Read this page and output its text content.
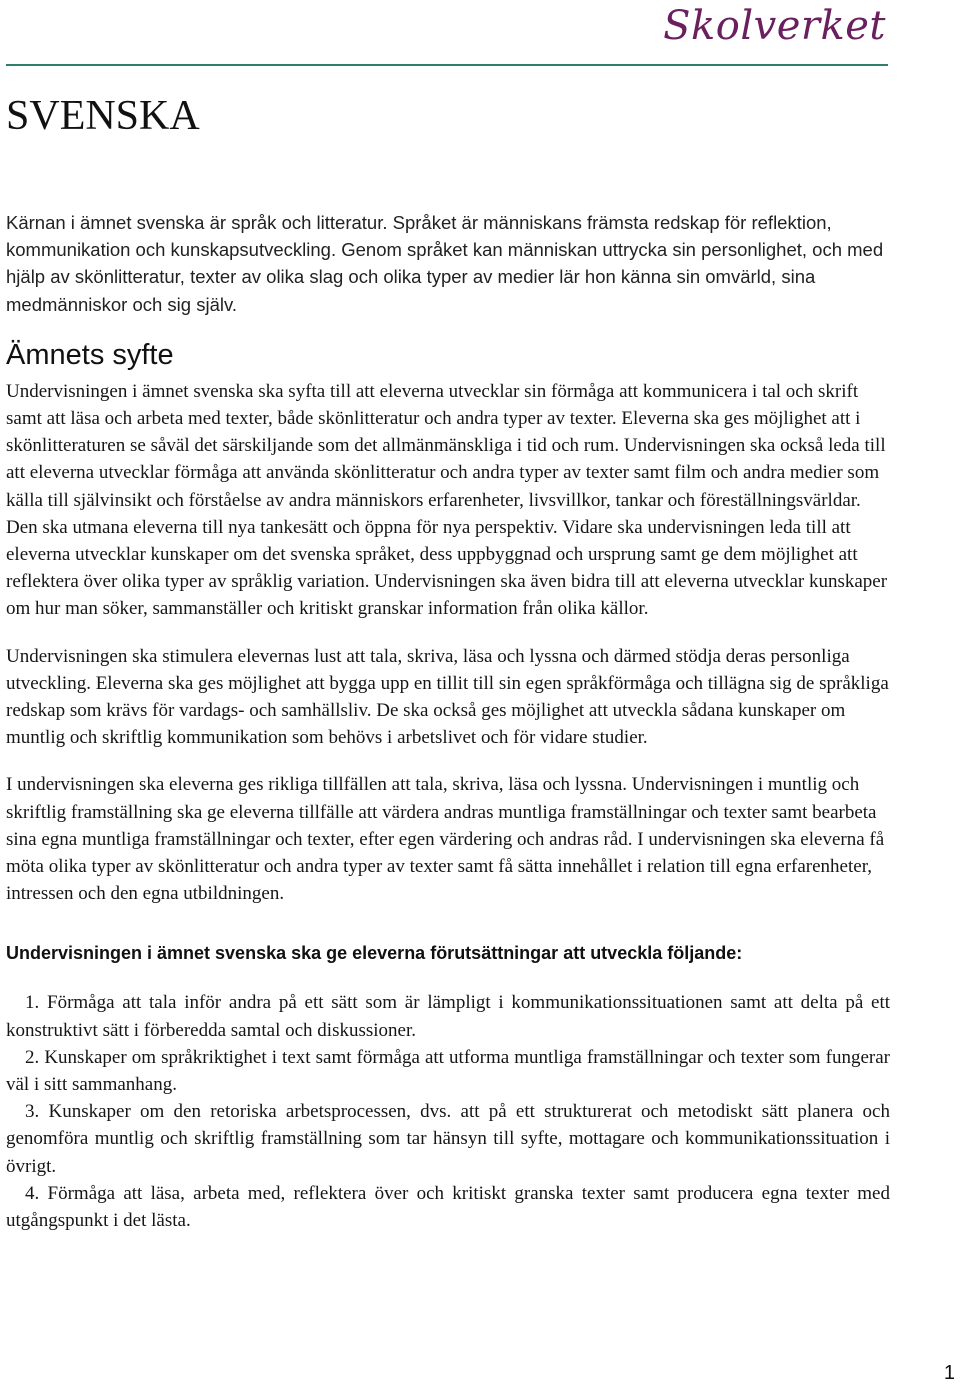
Skolverket
SVENSKA

Kärnan i ämnet svenska är språk och litteratur. Språket är människans främsta redskap för reflektion, kommunikation och kunskapsutveckling. Genom språket kan människan uttrycka sin personlighet, och med hjälp av skönlitteratur, texter av olika slag och olika typer av medier lär hon känna sin omvärld, sina medmänniskor och sig själv.

Ämnets syfte

Undervisningen i ämnet svenska ska syfta till att eleverna utvecklar sin förmåga att kommunicera i tal och skrift samt att läsa och arbeta med texter, både skönlitteratur och andra typer av texter. Eleverna ska ges möjlighet att i skönlitteraturen se såväl det särskiljande som det allmänmänskliga i tid och rum. Undervisningen ska också leda till att eleverna utvecklar förmåga att använda skönlitteratur och andra typer av texter samt film och andra medier som källa till självinsikt och förståelse av andra människors erfarenheter, livsvillkor, tankar och föreställningsvärldar. Den ska utmana eleverna till nya tankesätt och öppna för nya perspektiv. Vidare ska undervisningen leda till att eleverna utvecklar kunskaper om det svenska språket, dess uppbyggnad och ursprung samt ge dem möjlighet att reflektera över olika typer av språklig variation. Undervisningen ska även bidra till att eleverna utvecklar kunskaper om hur man söker, sammanställer och kritiskt granskar information från olika källor.

Undervisningen ska stimulera elevernas lust att tala, skriva, läsa och lyssna och därmed stödja deras personliga utveckling. Eleverna ska ges möjlighet att bygga upp en tillit till sin egen språkförmåga och tillägna sig de språkliga redskap som krävs för vardags- och samhällsliv. De ska också ges möjlighet att utveckla sådana kunskaper om muntlig och skriftlig kommunikation som behövs i arbetslivet och för vidare studier.

I undervisningen ska eleverna ges rikliga tillfällen att tala, skriva, läsa och lyssna. Undervisningen i muntlig och skriftlig framställning ska ge eleverna tillfälle att värdera andras muntliga framställningar och texter samt bearbeta sina egna muntliga framställningar och texter, efter egen värdering och andras råd. I undervisningen ska eleverna få möta olika typer av skönlitteratur och andra typer av texter samt få sätta innehållet i relation till egna erfarenheter, intressen och den egna utbildningen.

Undervisningen i ämnet svenska ska ge eleverna förutsättningar att utveckla följande:

1. Förmåga att tala inför andra på ett sätt som är lämpligt i kommunikationssituationen samt att delta på ett konstruktivt sätt i förberedda samtal och diskussioner.
2. Kunskaper om språkriktighet i text samt förmåga att utforma muntliga framställningar och texter som fungerar väl i sitt sammanhang.
3. Kunskaper om den retoriska arbetsprocessen, dvs. att på ett strukturerat och metodiskt sätt planera och genomföra muntlig och skriftlig framställning som tar hänsyn till syfte, mottagare och kommunikationssituation i övrigt.
4. Förmåga att läsa, arbeta med, reflektera över och kritiskt granska texter samt producera egna texter med utgångspunkt i det lästa.
1
